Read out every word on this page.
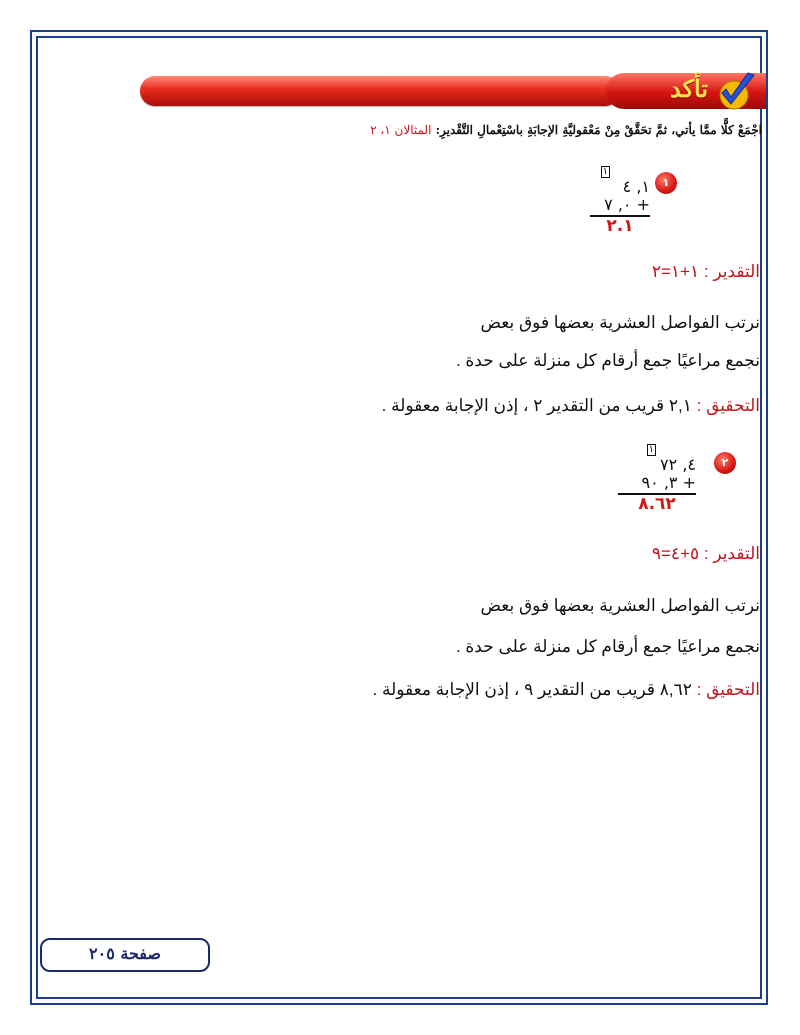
تأكد
اجْمَعْ كلًّا ممَّا يأتي، ثمَّ تحَقَّقْ مِنْ مَعْقوليَّةِ الإجابَةِ باسْتِعْمالِ التَّقْديرِ: المثالان ١، ٢
١
١
١, ٤
٠, ٧ +
٢.١
التقدير : ١+١=٢
نرتب الفواصل العشرية بعضها فوق بعض
نجمع مراعيًا جمع أرقام كل منزلة على حدة .
التحقيق : ٢,١ قريب من التقدير ٢ ، إذن الإجابة معقولة .
٢
١
٤, ٧٢
٣, ٩٠ +
٨.٦٢
التقدير : ٥+٤=٩
نرتب الفواصل العشرية بعضها فوق بعض
نجمع مراعيًا جمع أرقام كل منزلة على حدة .
التحقيق : ٨,٦٢ قريب من التقدير ٩ ، إذن الإجابة معقولة .
صفحة ٢٠٥
